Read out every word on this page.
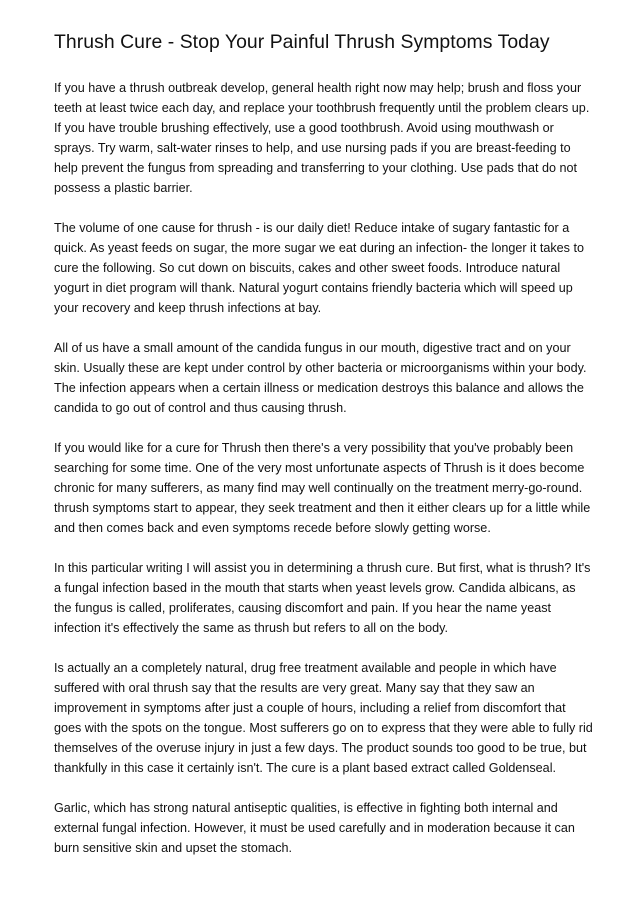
Thrush Cure - Stop Your Painful Thrush Symptoms Today

If you have a thrush outbreak develop, general health right now may help; brush and floss your teeth at least twice each day, and replace your toothbrush frequently until the problem clears up. If you have trouble brushing effectively, use a good toothbrush. Avoid using mouthwash or sprays. Try warm, salt-water rinses to help, and use nursing pads if you are breast-feeding to help prevent the fungus from spreading and transferring to your clothing. Use pads that do not possess a plastic barrier.

The volume of one cause for thrush - is our daily diet! Reduce intake of sugary fantastic for a quick. As yeast feeds on sugar, the more sugar we eat during an infection- the longer it takes to cure the following. So cut down on biscuits, cakes and other sweet foods. Introduce natural yogurt in diet program will thank. Natural yogurt contains friendly bacteria which will speed up your recovery and keep thrush infections at bay.

All of us have a small amount of the candida fungus in our mouth, digestive tract and on your skin. Usually these are kept under control by other bacteria or microorganisms within your body. The infection appears when a certain illness or medication destroys this balance and allows the candida to go out of control and thus causing thrush.

If you would like for a cure for Thrush then there's a very possibility that you've probably been searching for some time. One of the very most unfortunate aspects of Thrush is it does become chronic for many sufferers, as many find may well continually on the treatment merry-go-round. thrush symptoms start to appear, they seek treatment and then it either clears up for a little while and then comes back and even symptoms recede before slowly getting worse.

In this particular writing I will assist you in determining a thrush cure. But first, what is thrush? It's a fungal infection based in the mouth that starts when yeast levels grow. Candida albicans, as the fungus is called, proliferates, causing discomfort and pain. If you hear the name yeast infection it's effectively the same as thrush but refers to all on the body.

Is actually an a completely natural, drug free treatment available and people in which have suffered with oral thrush say that the results are very great. Many say that they saw an improvement in symptoms after just a couple of hours, including a relief from discomfort that goes with the spots on the tongue. Most sufferers go on to express that they were able to fully rid themselves of the overuse injury in just a few days. The product sounds too good to be true, but thankfully in this case it certainly isn't. The cure is a plant based extract called Goldenseal.

Garlic, which has strong natural antiseptic qualities, is effective in fighting both internal and external fungal infection. However, it must be used carefully and in moderation because it can burn sensitive skin and upset the stomach.
